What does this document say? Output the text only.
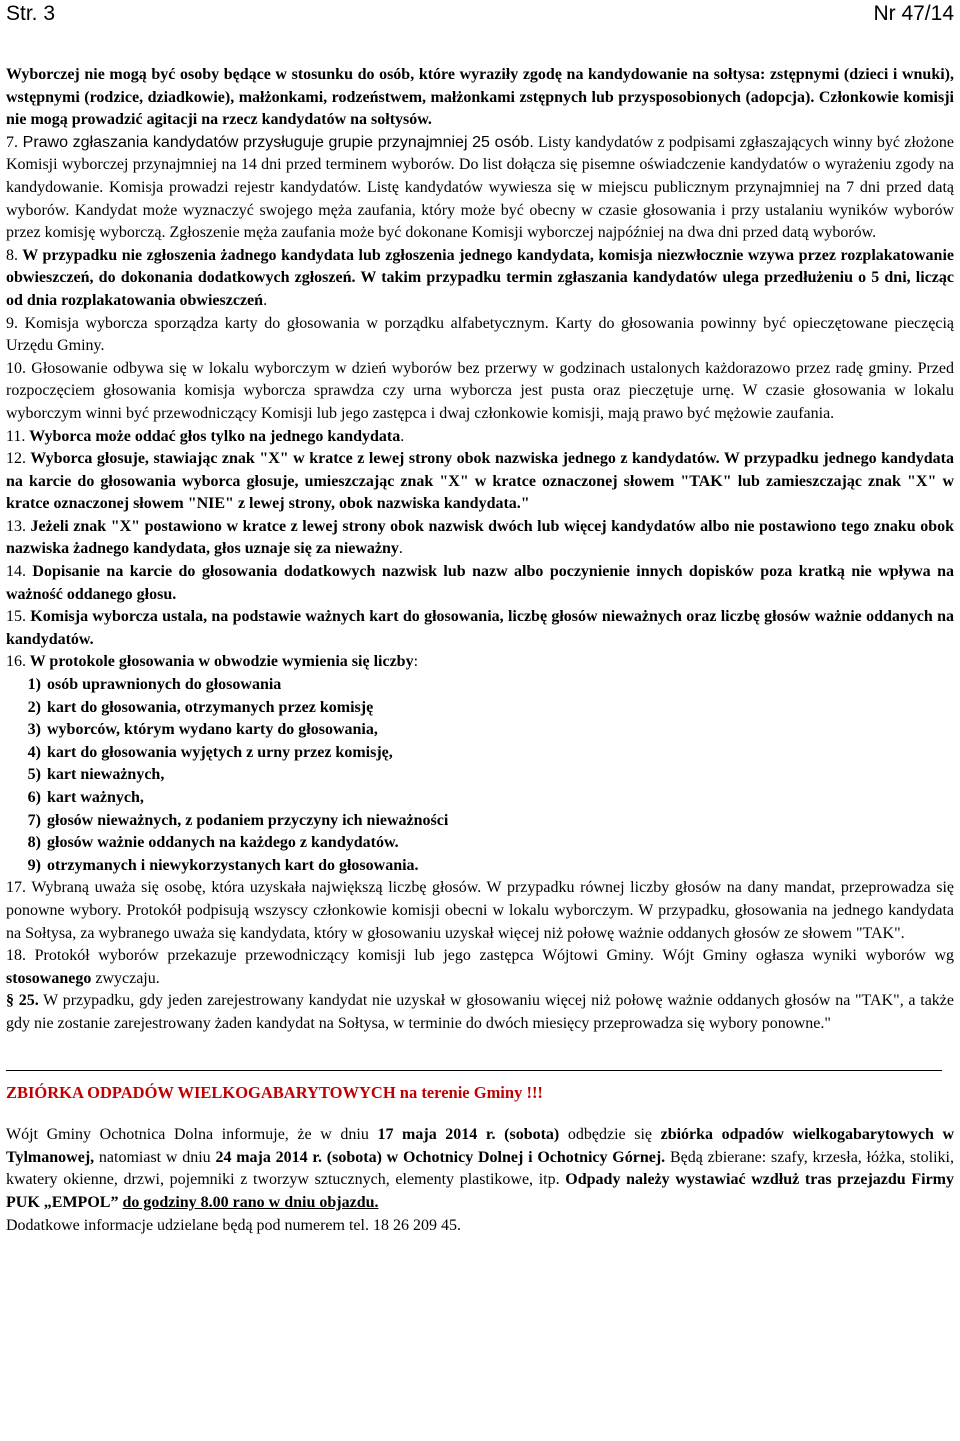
Str. 3	Nr 47/14

Wyborczej nie mogą być osoby będące w stosunku do osób, które wyraziły zgodę na kandydowanie na sołtysa: zstępnymi (dzieci i wnuki), wstępnymi (rodzice, dziadkowie), małżonkami, rodzeństwem, małżonkami zstępnych lub przysposobionych (adopcja). Członkowie komisji nie mogą prowadzić agitacji na rzecz kandydatów na sołtysów.

7. Prawo zgłaszania kandydatów przysługuje grupie przynajmniej 25 osób. Listy kandydatów z podpisami zgłaszających winny być złożone Komisji wyborczej przynajmniej na 14 dni przed terminem wyborów. Do list dołącza się pisemne oświadczenie kandydatów o wyrażeniu zgody na kandydowanie. Komisja prowadzi rejestr kandydatów. Listę kandydatów wywiesza się w miejscu publicznym przynajmniej na 7 dni przed datą wyborów. Kandydat może wyznaczyć swojego męża zaufania, który może być obecny w czasie głosowania i przy ustalaniu wyników wyborów przez komisję wyborczą. Zgłoszenie męża zaufania może być dokonane Komisji wyborczej najpóźniej na dwa dni przed datą wyborów.

8. W przypadku nie zgłoszenia żadnego kandydata lub zgłoszenia jednego kandydata, komisja niezwłocznie wzywa przez rozplakatowanie obwieszczeń, do dokonania dodatkowych zgłoszeń. W takim przypadku termin zgłaszania kandydatów ulega przedłużeniu o 5 dni, licząc od dnia rozplakatowania obwieszczeń.

9. Komisja wyborcza sporządza karty do głosowania w porządku alfabetycznym. Karty do głosowania powinny być opieczętowane pieczęcią Urzędu Gminy.

10. Głosowanie odbywa się w lokalu wyborczym w dzień wyborów bez przerwy w godzinach ustalonych każdorazowo przez radę gminy. Przed rozpoczęciem głosowania komisja wyborcza sprawdza czy urna wyborcza jest pusta oraz pieczętuje urnę. W czasie głosowania w lokalu wyborczym winni być przewodniczący Komisji lub jego zastępca i dwaj członkowie komisji, mają prawo być mężowie zaufania.

11. Wyborca może oddać głos tylko na jednego kandydata.

12. Wyborca głosuje, stawiając znak "X" w kratce z lewej strony obok nazwiska jednego z kandydatów. W przypadku jednego kandydata na karcie do głosowania wyborca głosuje, umieszczając znak "X" w kratce oznaczonej słowem "TAK" lub zamieszczając znak "X" w kratce oznaczonej słowem "NIE" z lewej strony, obok nazwiska kandydata."

13. Jeżeli znak "X" postawiono w kratce z lewej strony obok nazwisk dwóch lub więcej kandydatów albo nie postawiono tego znaku obok nazwiska żadnego kandydata, głos uznaje się za nieważny.

14. Dopisanie na karcie do głosowania dodatkowych nazwisk lub nazw albo poczynienie innych dopisków poza kratką nie wpływa na ważność oddanego głosu.

15. Komisja wyborcza ustala, na podstawie ważnych kart do głosowania, liczbę głosów nieważnych oraz liczbę głosów ważnie oddanych na kandydatów.

16. W protokole głosowania w obwodzie wymienia się liczby:

1) osób uprawnionych do głosowania
2) kart do głosowania, otrzymanych przez komisję
3) wyborców, którym wydano karty do głosowania,
4) kart do głosowania wyjętych z urny przez komisję,
5) kart nieważnych,
6) kart ważnych,
7) głosów nieważnych, z podaniem przyczyny ich nieważności
8) głosów ważnie oddanych na każdego z kandydatów.
9) otrzymanych i niewykorzystanych kart do głosowania.

17. Wybraną uważa się osobę, która uzyskała największą liczbę głosów. W przypadku równej liczby głosów na dany mandat, przeprowadza się ponowne wybory. Protokół podpisują wszyscy członkowie komisji obecni w lokalu wyborczym. W przypadku, głosowania na jednego kandydata na Sołtysa, za wybranego uważa się kandydata, który w głosowaniu uzyskał więcej niż połowę ważnie oddanych głosów ze słowem "TAK".

18. Protokół wyborów przekazuje przewodniczący komisji lub jego zastępca Wójtowi Gminy. Wójt Gminy ogłasza wyniki wyborów wg stosowanego zwyczaju.

§ 25. W przypadku, gdy jeden zarejestrowany kandydat nie uzyskał w głosowaniu więcej niż połowę ważnie oddanych głosów na "TAK", a także gdy nie zostanie zarejestrowany żaden kandydat na Sołtysa, w terminie do dwóch miesięcy przeprowadza się wybory ponowne."

ZBIÓRKA ODPADÓW WIELKOGABARYTOWYCH na terenie Gminy !!!

Wójt Gminy Ochotnica Dolna informuje, że w dniu 17 maja 2014 r. (sobota) odbędzie się zbiórka odpadów wielkogabarytowych w Tylmanowej, natomiast w dniu 24 maja 2014 r. (sobota) w Ochotnicy Dolnej i Ochotnicy Górnej. Będą zbierane: szafy, krzesła, łóżka, stoliki, kwatery okienne, drzwi, pojemniki z tworzyw sztucznych, elementy plastikowe, itp. Odpady należy wystawiać wzdłuż tras przejazdu Firmy PUK „EMPOL” do godziny 8.00 rano w dniu objazdu.

Dodatkowe informacje udzielane będą pod numerem tel. 18 26 209 45.
